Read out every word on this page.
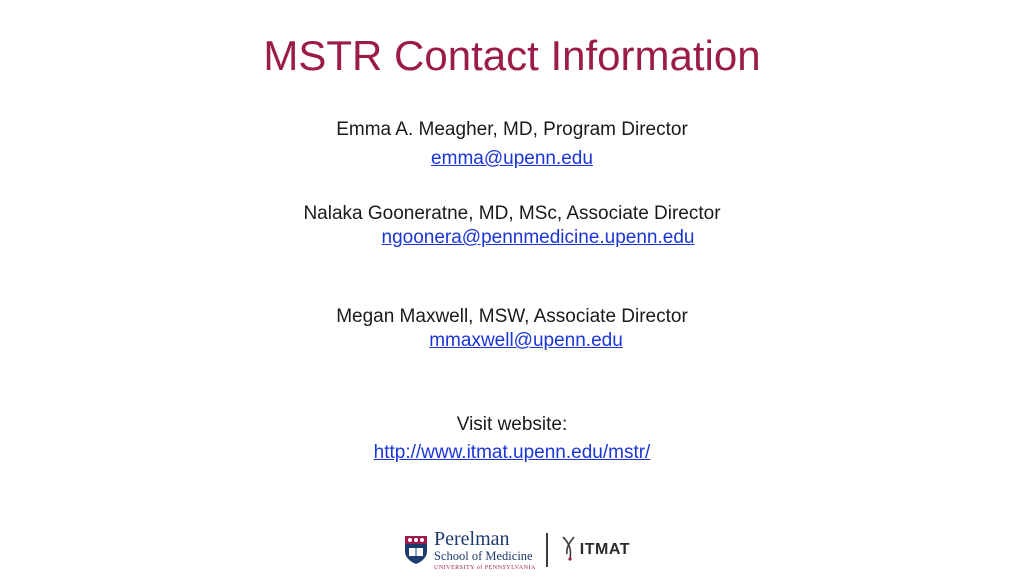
MSTR Contact Information
Emma A. Meagher, MD, Program Director
emma@upenn.edu
Nalaka Gooneratne, MD, MSc, Associate Director
ngoonera@pennmedicine.upenn.edu
Megan Maxwell, MSW, Associate Director
mmaxwell@upenn.edu
Visit website:
http://www.itmat.upenn.edu/mstr/
Perelman
School of Medicine
UNIVERSITY of PENNSYLVANIA
ITMAT
